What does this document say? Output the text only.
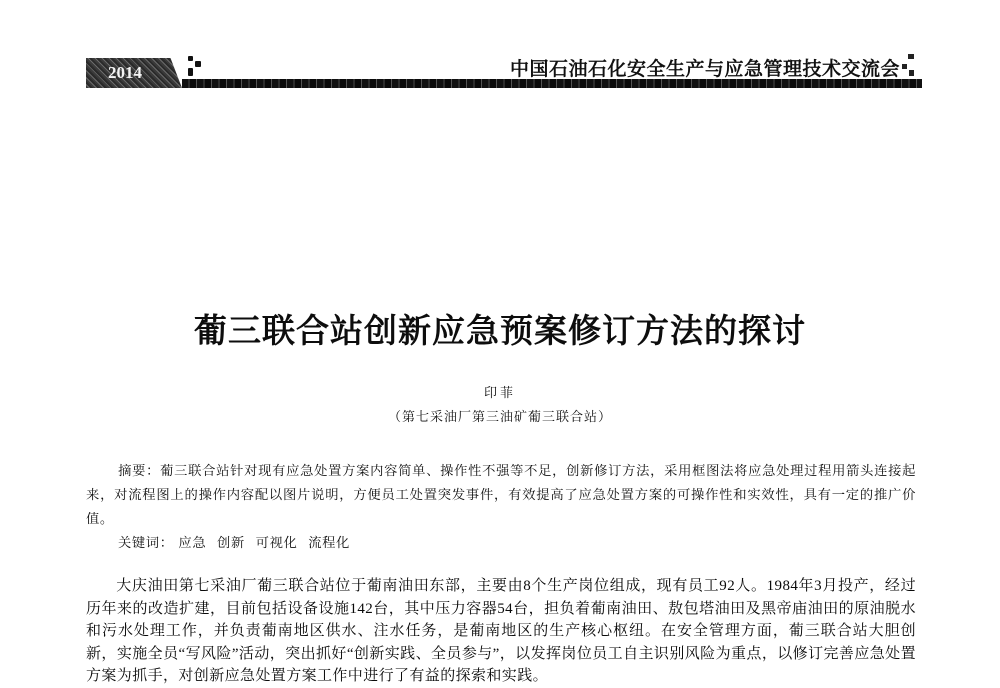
2014	中国石油石化安全生产与应急管理技术交流会
葡三联合站创新应急预案修订方法的探讨
印菲
（第七采油厂第三油矿葡三联合站）
摘要：葡三联合站针对现有应急处置方案内容简单、操作性不强等不足，创新修订方法，采用框图法将应急处理过程用箭头连接起来，对流程图上的操作内容配以图片说明，方便员工处置突发事件，有效提高了应急处置方案的可操作性和实效性，具有一定的推广价值。
关键词： 应急 创新 可视化 流程化
大庆油田第七采油厂葡三联合站位于葡南油田东部，主要由8个生产岗位组成，现有员工92人。1984年3月投产，经过历年来的改造扩建，目前包括设备设施142台，其中压力容器54台，担负着葡南油田、敖包塔油田及黑帝庙油田的原油脱水和污水处理工作，并负责葡南地区供水、注水任务，是葡南地区的生产核心枢纽。在安全管理方面，葡三联合站大胆创新，实施全员“写风险”活动，突出抓好“创新实践、全员参与”，以发挥岗位员工自主识别风险为重点，以修订完善应急处置方案为抓手，对创新应急处置方案工作中进行了有益的探索和实践。
